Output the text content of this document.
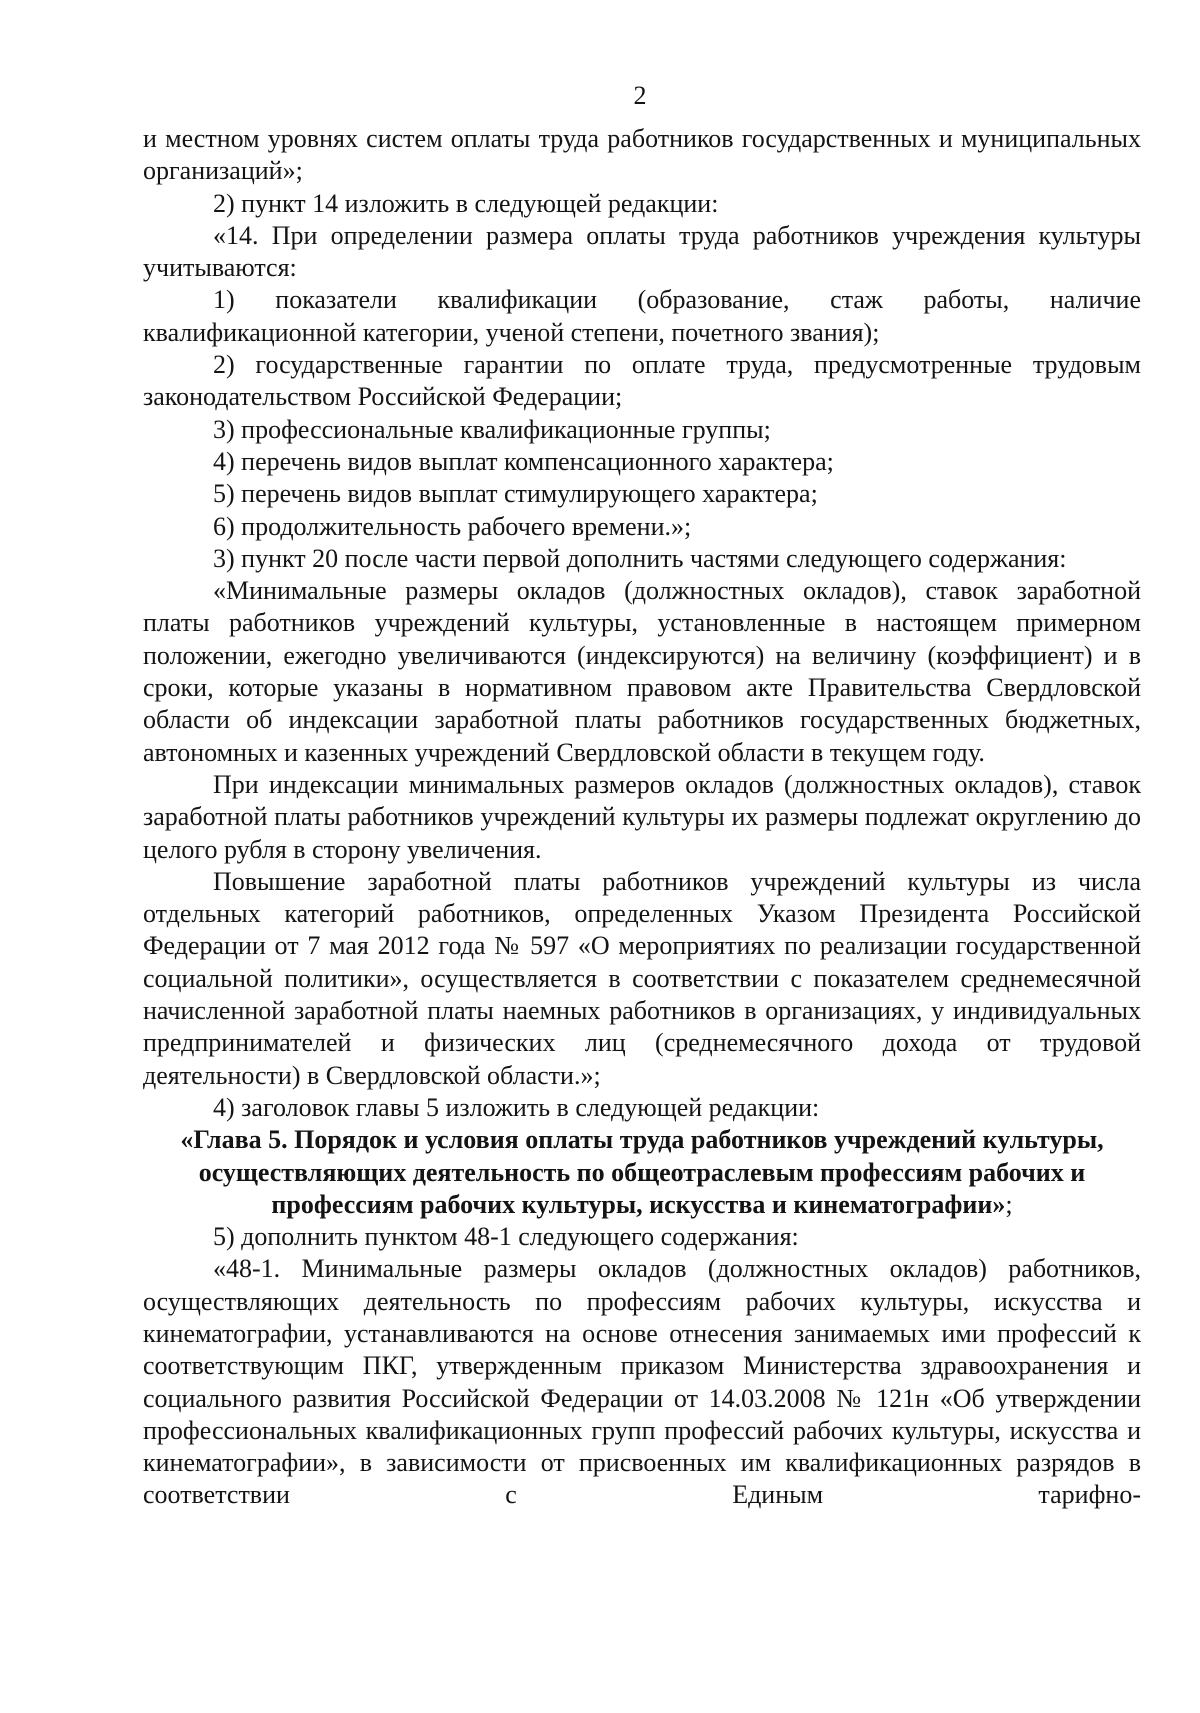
2

и местном уровнях систем оплаты труда работников государственных и муниципальных организаций»;

2) пункт 14 изложить в следующей редакции:

«14. При определении размера оплаты труда работников учреждения культуры учитываются:

1) показатели квалификации (образование, стаж работы, наличие квалификационной категории, ученой степени, почетного звания);

2) государственные гарантии по оплате труда, предусмотренные трудовым законодательством Российской Федерации;

3) профессиональные квалификационные группы;

4) перечень видов выплат компенсационного характера;

5) перечень видов выплат стимулирующего характера;

6) продолжительность рабочего времени.»;

3) пункт 20 после части первой дополнить частями следующего содержания:

«Минимальные размеры окладов (должностных окладов), ставок заработной платы работников учреждений культуры, установленные в настоящем примерном положении, ежегодно увеличиваются (индексируются) на величину (коэффициент) и в сроки, которые указаны в нормативном правовом акте Правительства Свердловской области об индексации заработной платы работников государственных бюджетных, автономных и казенных учреждений Свердловской области в текущем году.

При индексации минимальных размеров окладов (должностных окладов), ставок заработной платы работников учреждений культуры их размеры подлежат округлению до целого рубля в сторону увеличения.

Повышение заработной платы работников учреждений культуры из числа отдельных категорий работников, определенных Указом Президента Российской Федерации от 7 мая 2012 года № 597 «О мероприятиях по реализации государственной социальной политики», осуществляется в соответствии с показателем среднемесячной начисленной заработной платы наемных работников в организациях, у индивидуальных предпринимателей и физических лиц (среднемесячного дохода от трудовой деятельности) в Свердловской области.»;

4) заголовок главы 5 изложить в следующей редакции:

«Глава 5. Порядок и условия оплаты труда работников учреждений культуры, осуществляющих деятельность по общеотраслевым профессиям рабочих и профессиям рабочих культуры, искусства и кинематографии»;

5) дополнить пунктом 48-1 следующего содержания:

«48-1. Минимальные размеры окладов (должностных окладов) работников, осуществляющих деятельность по профессиям рабочих культуры, искусства и кинематографии, устанавливаются на основе отнесения занимаемых ими профессий к соответствующим ПКГ, утвержденным приказом Министерства здравоохранения и социального развития Российской Федерации от 14.03.2008 № 121н «Об утверждении профессиональных квалификационных групп профессий рабочих культуры, искусства и кинематографии», в зависимости от присвоенных им квалификационных разрядов в соответствии с Единым тарифно-
